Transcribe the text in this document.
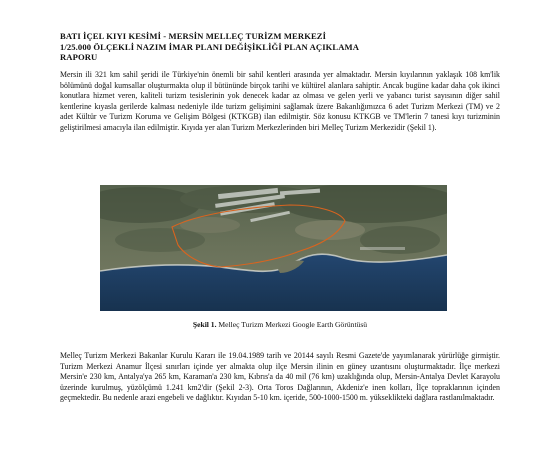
BATI İÇEL KIYI KESİMİ - MERSİN MELLEÇ TURİZM MERKEZİ
1/25.000 ÖLÇEKLİ NAZIM İMAR PLANI DEĞİŞİKLİĞİ PLAN AÇIKLAMA
RAPORU

Mersin ili 321 km sahil şeridi ile Türkiye'nin önemli bir sahil kentleri arasında yer almaktadır. Mersin kıyılarının yaklaşık 108 km'lik bölümünü doğal kumsallar oluşturmakta olup il bütününde birçok tarihi ve kültürel alanlara sahiptir. Ancak bugüne kadar daha çok ikinci konutlara hizmet veren, kaliteli turizm tesislerinin yok denecek kadar az olması ve gelen yerli ve yabancı turist sayısının diğer sahil kentlerine kıyasla gerilerde kalması nedeniyle ilde turizm gelişimini sağlamak üzere Bakanlığımızca 6 adet Turizm Merkezi (TM) ve 2 adet Kültür ve Turizm Koruma ve Gelişim Bölgesi (KTKGB) ilan edilmiştir. Söz konusu KTKGB ve TM'lerin 7 tanesi kıyı turizminin geliştirilmesi amacıyla ilan edilmiştir. Kıyıda yer alan Turizm Merkezlerinden biri Melleç Turizm Merkezidir (Şekil 1).

Şekil 1. Melleç Turizm Merkezi Google Earth Görüntüsü

Melleç Turizm Merkezi Bakanlar Kurulu Kararı ile 19.04.1989 tarih ve 20144 sayılı Resmi Gazete'de yayımlanarak yürürlüğe girmiştir. Turizm Merkezi Anamur İlçesi sınırları içinde yer almakta olup ilçe Mersin ilinin en güney uzantısını oluşturmaktadır. İlçe merkezi Mersin'e 230 km, Antalya'ya 265 km, Karaman'a 230 km, Kıbrıs'a da 40 mil (76 km) uzaklığında olup, Mersin-Antalya Devlet Karayolu üzerinde kurulmuş, yüzölçümü 1.241 km2'dir (Şekil 2-3). Orta Toros Dağlarının, Akdeniz'e inen kolları, İlçe topraklarının içinden geçmektedir. Bu nedenle arazi engebeli ve dağlıktır. Kıyıdan 5-10 km. içeride, 500-1000-1500 m. yükseklikteki dağlara rastlanılmaktadır.
